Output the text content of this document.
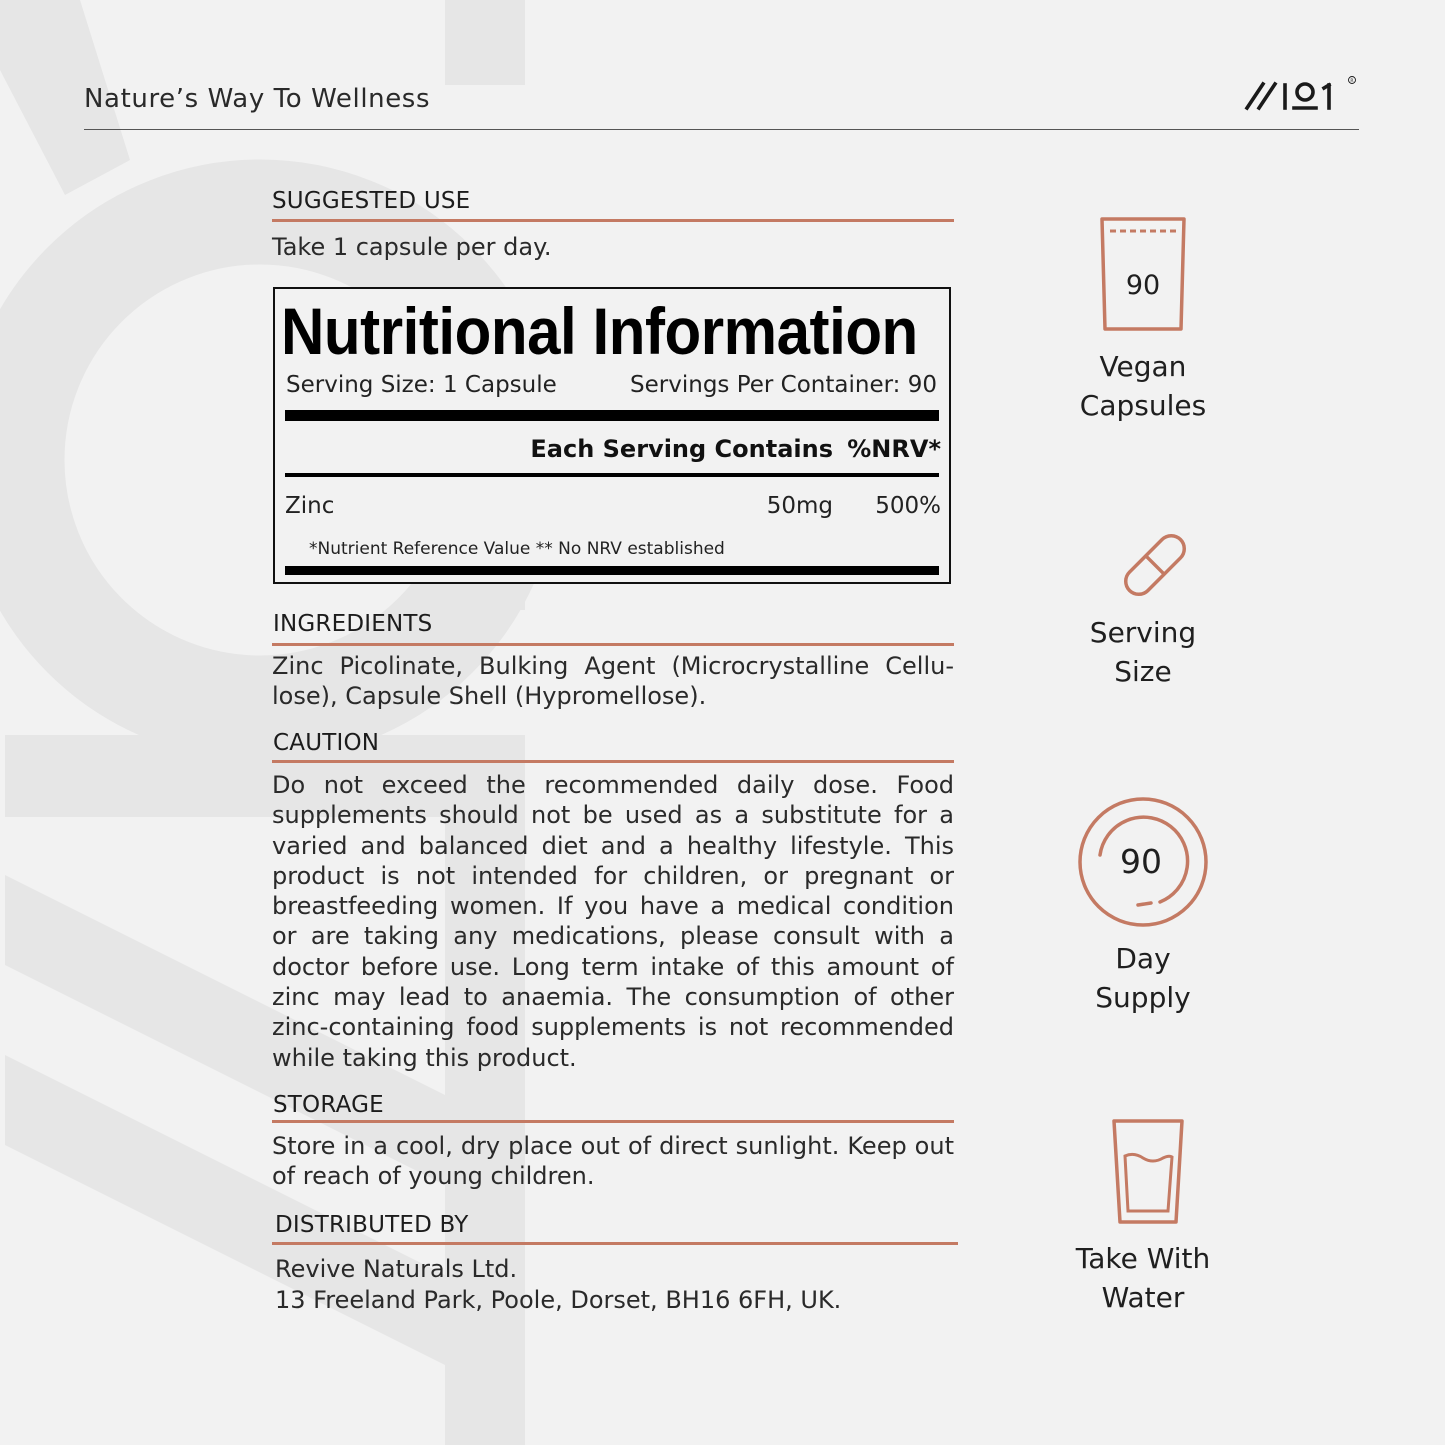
Nature’s Way To Wellness
R
SUGGESTED USE
Take 1 capsule per day.
Nutritional Information
Serving Size: 1 Capsule	Servings Per Container: 90
Each Serving Contains %NRV*
Zinc	50mg 500%
*Nutrient Reference Value ** No NRV established
INGREDIENTS
Zinc Picolinate, Bulking Agent (Microcrystalline Cellu-
lose), Capsule Shell (Hypromellose).
CAUTION
Do not exceed the recommended daily dose. Food
supplements should not be used as a substitute for a
varied and balanced diet and a healthy lifestyle. This
product is not intended for children, or pregnant or
breastfeeding women. If you have a medical condition
or are taking any medications, please consult with a
doctor before use. Long term intake of this amount of
zinc may lead to anaemia. The consumption of other
zinc-containing food supplements is not recommended
while taking this product.
STORAGE
Store in a cool, dry place out of direct sunlight. Keep out
of reach of young children.
DISTRIBUTED BY
Revive Naturals Ltd.
13 Freeland Park, Poole, Dorset, BH16 6FH, UK.
90
Vegan
Capsules
Serving
Size
90
Day
Supply
Take With
Water
